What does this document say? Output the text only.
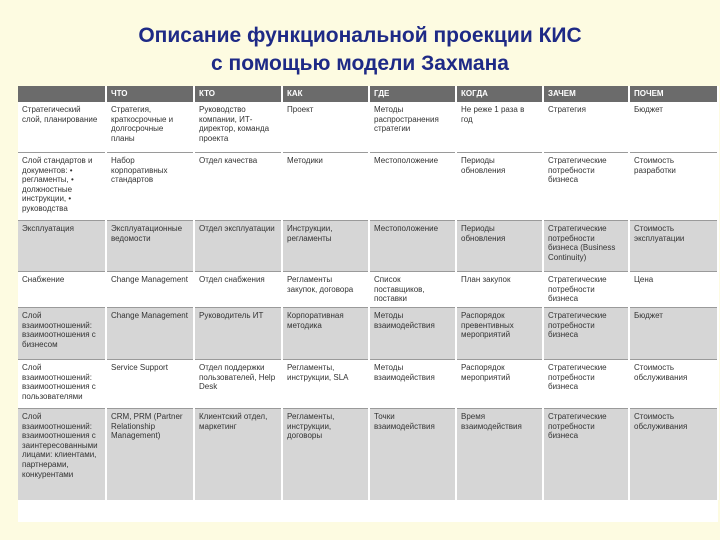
Описание функциональной проекции КИС
с помощью модели Захмана
	ЧТО	КТО	КАК	ГДЕ	КОГДА	ЗАЧЕМ	ПОЧЕМ
Стратегический слой, планирование	Стратегия, краткосрочные и долгосрочные планы	Руководство компании, ИТ-директор, команда проекта	Проект	Методы распространения стратегии	Не реже 1 раза в год	Стратегия	Бюджет
Слой стандартов и документов: • регламенты, • должностные инструкции, • руководства	Набор корпоративных стандартов	Отдел качества	Методики	Местоположение	Периоды обновления	Стратегические потребности бизнеса	Стоимость разработки
Эксплуатация	Эксплуатационные ведомости	Отдел эксплуатации	Инструкции, регламенты	Местоположение	Периоды обновления	Стратегические потребности бизнеса (Business Continuity)	Стоимость эксплуатации
Снабжение	Change Management	Отдел снабжения	Регламенты закупок, договора	Список поставщиков, поставки	План закупок	Стратегические потребности бизнеса	Цена
Слой взаимоотношений: взаимоотношения с бизнесом	Change Management	Руководитель ИТ	Корпоративная методика	Методы взаимодействия	Распорядок превентивных мероприятий	Стратегические потребности бизнеса	Бюджет
Слой взаимоотношений: взаимоотношения с пользователями	Service Support	Отдел поддержки пользователей, Help Desk	Регламенты, инструкции, SLA	Методы взаимодействия	Распорядок мероприятий	Стратегические потребности бизнеса	Стоимость обслуживания
Слой взаимоотношений: взаимоотношения с заинтересованными лицами: клиентами, партнерами, конкурентами	CRM, PRM (Partner Relationship Management)	Клиентский отдел, маркетинг	Регламенты, инструкции, договоры	Точки взаимодействия	Время взаимодействия	Стратегические потребности бизнеса	Стоимость обслуживания
